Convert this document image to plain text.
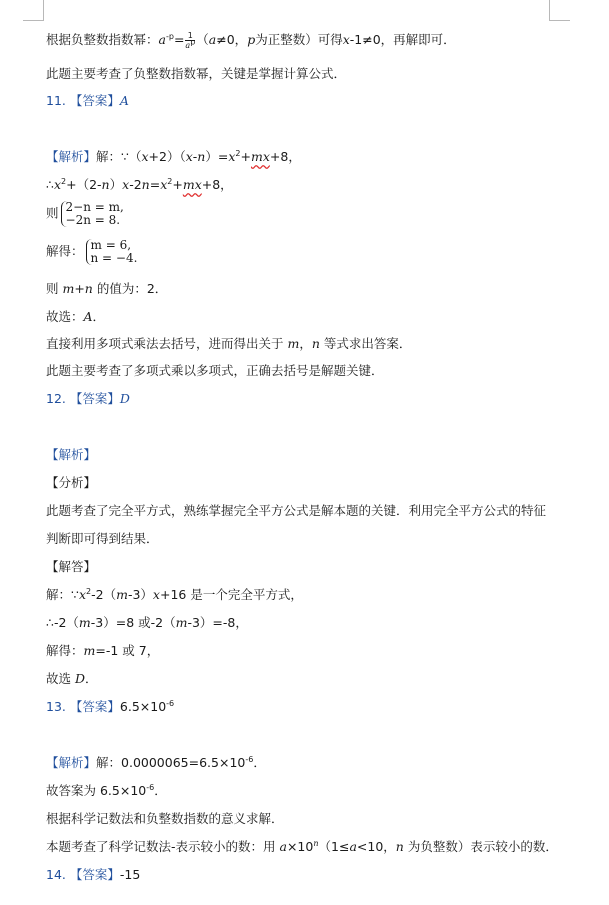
根据负整数指数幂：$a^{-p}= \frac{1}{a^p} (a\ne 0$，p为正整数）可得x-1≠0，再解即可．
此题主要考查了负整数指数幂，关键是掌握计算公式．
11. 【答案】A
【解析】解：$\because(x+2)(x-n)=x^2+mx+8$，
$\therefore x^2+(2-n)x-2n=x^2+mx+8$，
则 2−n = m,
−2n = 8.
解得： m = 6,
n = −4.
则 m+n 的值为：2．
故选：A．
直接利用多项式乘法去括号，进而得出关于 m，n 等式求出答案．
此题主要考查了多项式乘以多项式，正确去括号是解题关键．
12. 【答案】D
【解析】
【分析】
此题考查了完全平方式，熟练掌握完全平方公式是解本题的关键．利用完全平方公式的特征
判断即可得到结果．
【解答】
解：$\because x^2-2(m-3)x+16$ 是一个完全平方式，
∴-2（m-3）=8 或-2（m-3）=-8，
解得：m=-1 或 7，
故选 D．
13. 【答案】$6.5\times 10^{-6}$
【解析】解：$0.0000065=6.5\times 10^{-6}$．
故答案为 $6.5\times 10^{-6}$．
根据科学记数法和负整数指数的意义求解．
本题考查了科学记数法-表示较小的数：用 $a\times 10^n(1\le a<10$，n 为负整数）表示较小的数．
14. 【答案】-15
